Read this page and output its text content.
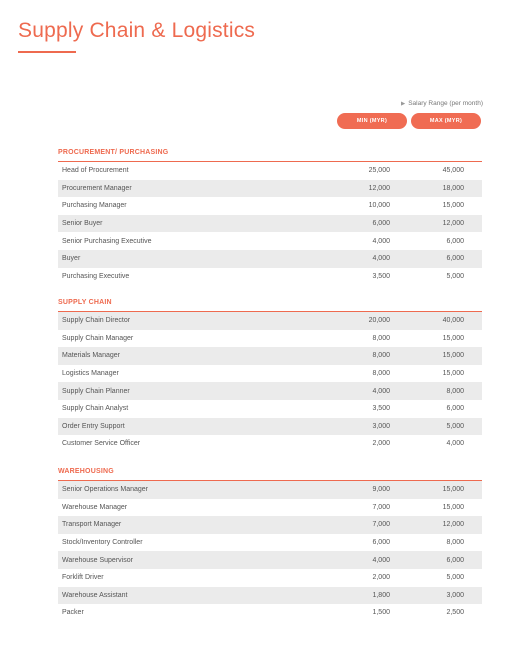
Supply Chain & Logistics
▶ Salary Range (per month)
MIN (MYR)	MAX (MYR)
PROCUREMENT/ PURCHASING
Head of Procurement	25,000	45,000
Procurement Manager	12,000	18,000
Purchasing Manager	10,000	15,000
Senior Buyer	6,000	12,000
Senior Purchasing Executive	4,000	6,000
Buyer	4,000	6,000
Purchasing Executive	3,500	5,000
SUPPLY CHAIN
Supply Chain Director	20,000	40,000
Supply Chain Manager	8,000	15,000
Materials Manager	8,000	15,000
Logistics Manager	8,000	15,000
Supply Chain Planner	4,000	8,000
Supply Chain Analyst	3,500	6,000
Order Entry Support	3,000	5,000
Customer Service Officer	2,000	4,000
WAREHOUSING
Senior Operations Manager	9,000	15,000
Warehouse Manager	7,000	15,000
Transport Manager	7,000	12,000
Stock/Inventory Controller	6,000	8,000
Warehouse Supervisor	4,000	6,000
Forklift Driver	2,000	5,000
Warehouse Assistant	1,800	3,000
Packer	1,500	2,500
